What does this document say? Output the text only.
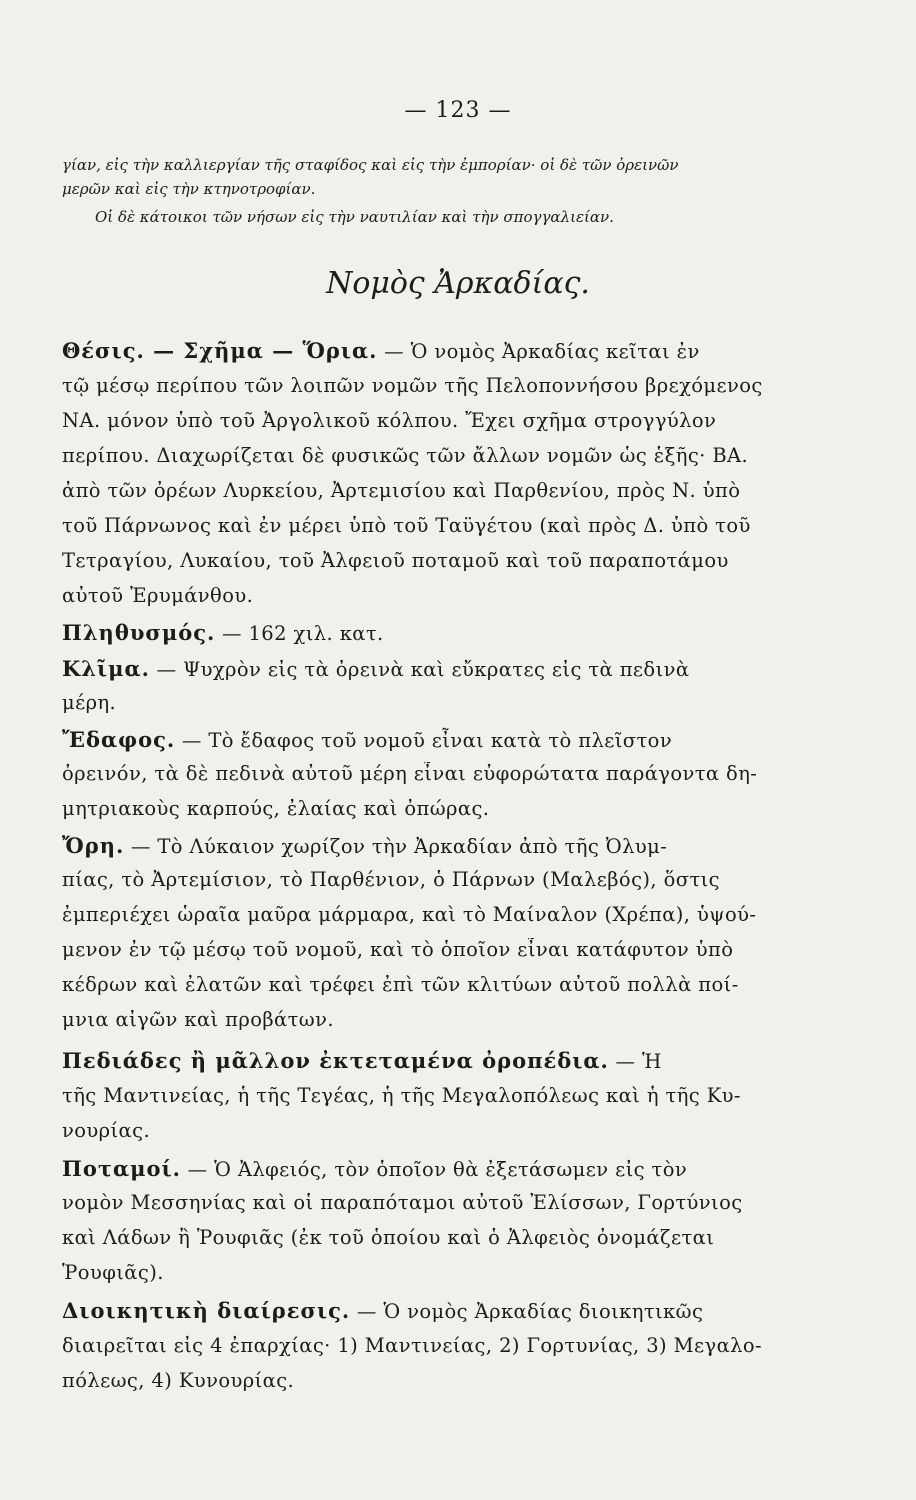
— 123 —
γίαν, εἰς τὴν καλλιεργίαν τῆς σταφίδος καὶ εἰς τὴν ἐμπορίαν· οἱ δὲ τῶν ὀρεινῶν
μερῶν καὶ εἰς τὴν κτηνοτροφίαν.
Οἱ δὲ κάτοικοι τῶν νήσων εἰς τὴν ναυτιλίαν καὶ τὴν σπογγαλιείαν.
Νομὸς Ἀρκαδίας.
Θέσις. — Σχῆμα — Ὅρια. — Ὁ νομὸς Ἀρκαδίας κεῖται ἐν
τῷ μέσῳ περίπου τῶν λοιπῶν νομῶν τῆς Πελοποννήσου βρεχόμενος
ΝΑ. μόνον ὑπὸ τοῦ Ἀργολικοῦ κόλπου. Ἔχει σχῆμα στρογγύλον
περίπου. Διαχωρίζεται δὲ φυσικῶς τῶν ἄλλων νομῶν ὡς ἑξῆς· ΒΑ.
ἀπὸ τῶν ὀρέων Λυρκείου, Ἀρτεμισίου καὶ Παρθενίου, πρὸς Ν. ὑπὸ
τοῦ Πάρνωνος καὶ ἐν μέρει ὑπὸ τοῦ Ταϋγέτου (καὶ πρὸς Δ. ὑπὸ τοῦ
Τετραγίου, Λυκαίου, τοῦ Ἀλφειοῦ ποταμοῦ καὶ τοῦ παραποτάμου
αὐτοῦ Ἐρυμάνθου.
Πληθυσμός. — 162 χιλ. κατ.
Κλῖμα. — Ψυχρὸν εἰς τὰ ὀρεινὰ καὶ εὔκρατες εἰς τὰ πεδινὰ
μέρη.
Ἔδαφος. — Τὸ ἔδαφος τοῦ νομοῦ εἶναι κατὰ τὸ πλεῖστον
ὀρεινόν, τὰ δὲ πεδινὰ αὐτοῦ μέρη εἶναι εὐφορώτατα παράγοντα δη-
μητριακοὺς καρπούς, ἐλαίας καὶ ὀπώρας.
Ὄρη. — Τὸ Λύκαιον χωρίζον τὴν Ἀρκαδίαν ἀπὸ τῆς Ὀλυμ-
πίας, τὸ Ἀρτεμίσιον, τὸ Παρθένιον, ὁ Πάρνων (Μαλεβός), ὅστις
ἐμπεριέχει ὡραῖα μαῦρα μάρμαρα, καὶ τὸ Μαίναλον (Χρέπα), ὑψού-
μενον ἐν τῷ μέσῳ τοῦ νομοῦ, καὶ τὸ ὁποῖον εἶναι κατάφυτον ὑπὸ
κέδρων καὶ ἐλατῶν καὶ τρέφει ἐπὶ τῶν κλιτύων αὐτοῦ πολλὰ ποί-
μνια αἰγῶν καὶ προβάτων.
Πεδιάδες ἢ μᾶλλον ἐκτεταμένα ὀροπέδια. — Ἡ
τῆς Μαντινείας, ἡ τῆς Τεγέας, ἡ τῆς Μεγαλοπόλεως καὶ ἡ τῆς Κυ-
νουρίας.
Ποταμοί. — Ὁ Ἀλφειός, τὸν ὁποῖον θὰ ἐξετάσωμεν εἰς τὸν
νομὸν Μεσσηνίας καὶ οἱ παραπόταμοι αὐτοῦ Ἐλίσσων, Γορτύνιος
καὶ Λάδων ἢ Ῥουφιᾶς (ἐκ τοῦ ὁποίου καὶ ὁ Ἀλφειὸς ὀνομάζεται
Ῥουφιᾶς).
Διοικητικὴ διαίρεσις. — Ὁ νομὸς Ἀρκαδίας διοικητικῶς
διαιρεῖται εἰς 4 ἐπαρχίας· 1) Μαντινείας, 2) Γορτυνίας, 3) Μεγαλο-
πόλεως, 4) Κυνουρίας.
